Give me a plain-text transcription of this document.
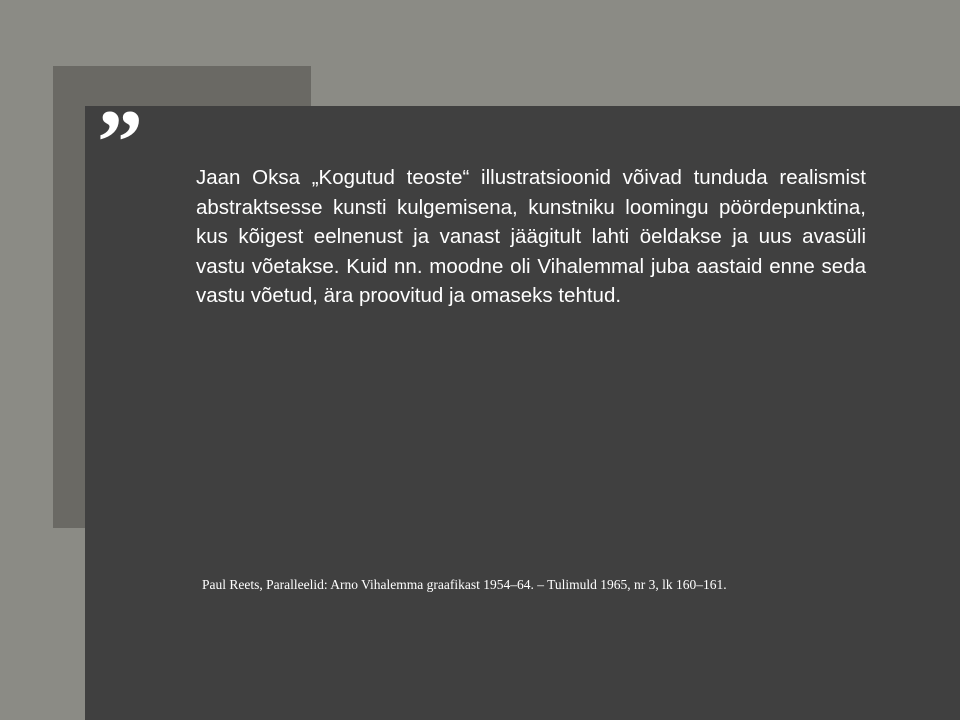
”	Jaan Oksa „Kogutud teoste“ illustratsioonid võivad tunduda realismist abstraktsesse kunsti kulgemisena, kunstniku loomingu pöördepunktina, kus kõigest eelnenust ja vanast jäägitult lahti öeldakse ja uus avasüli vastu võetakse. Kuid nn. moodne oli Vihalemmal juba aastaid enne seda vastu võetud, ära proovitud ja omaseks tehtud.

Paul Reets, Paralleelid: Arno Vihalemma graafikast 1954–64. – Tulimuld 1965, nr 3, lk 160–161.
